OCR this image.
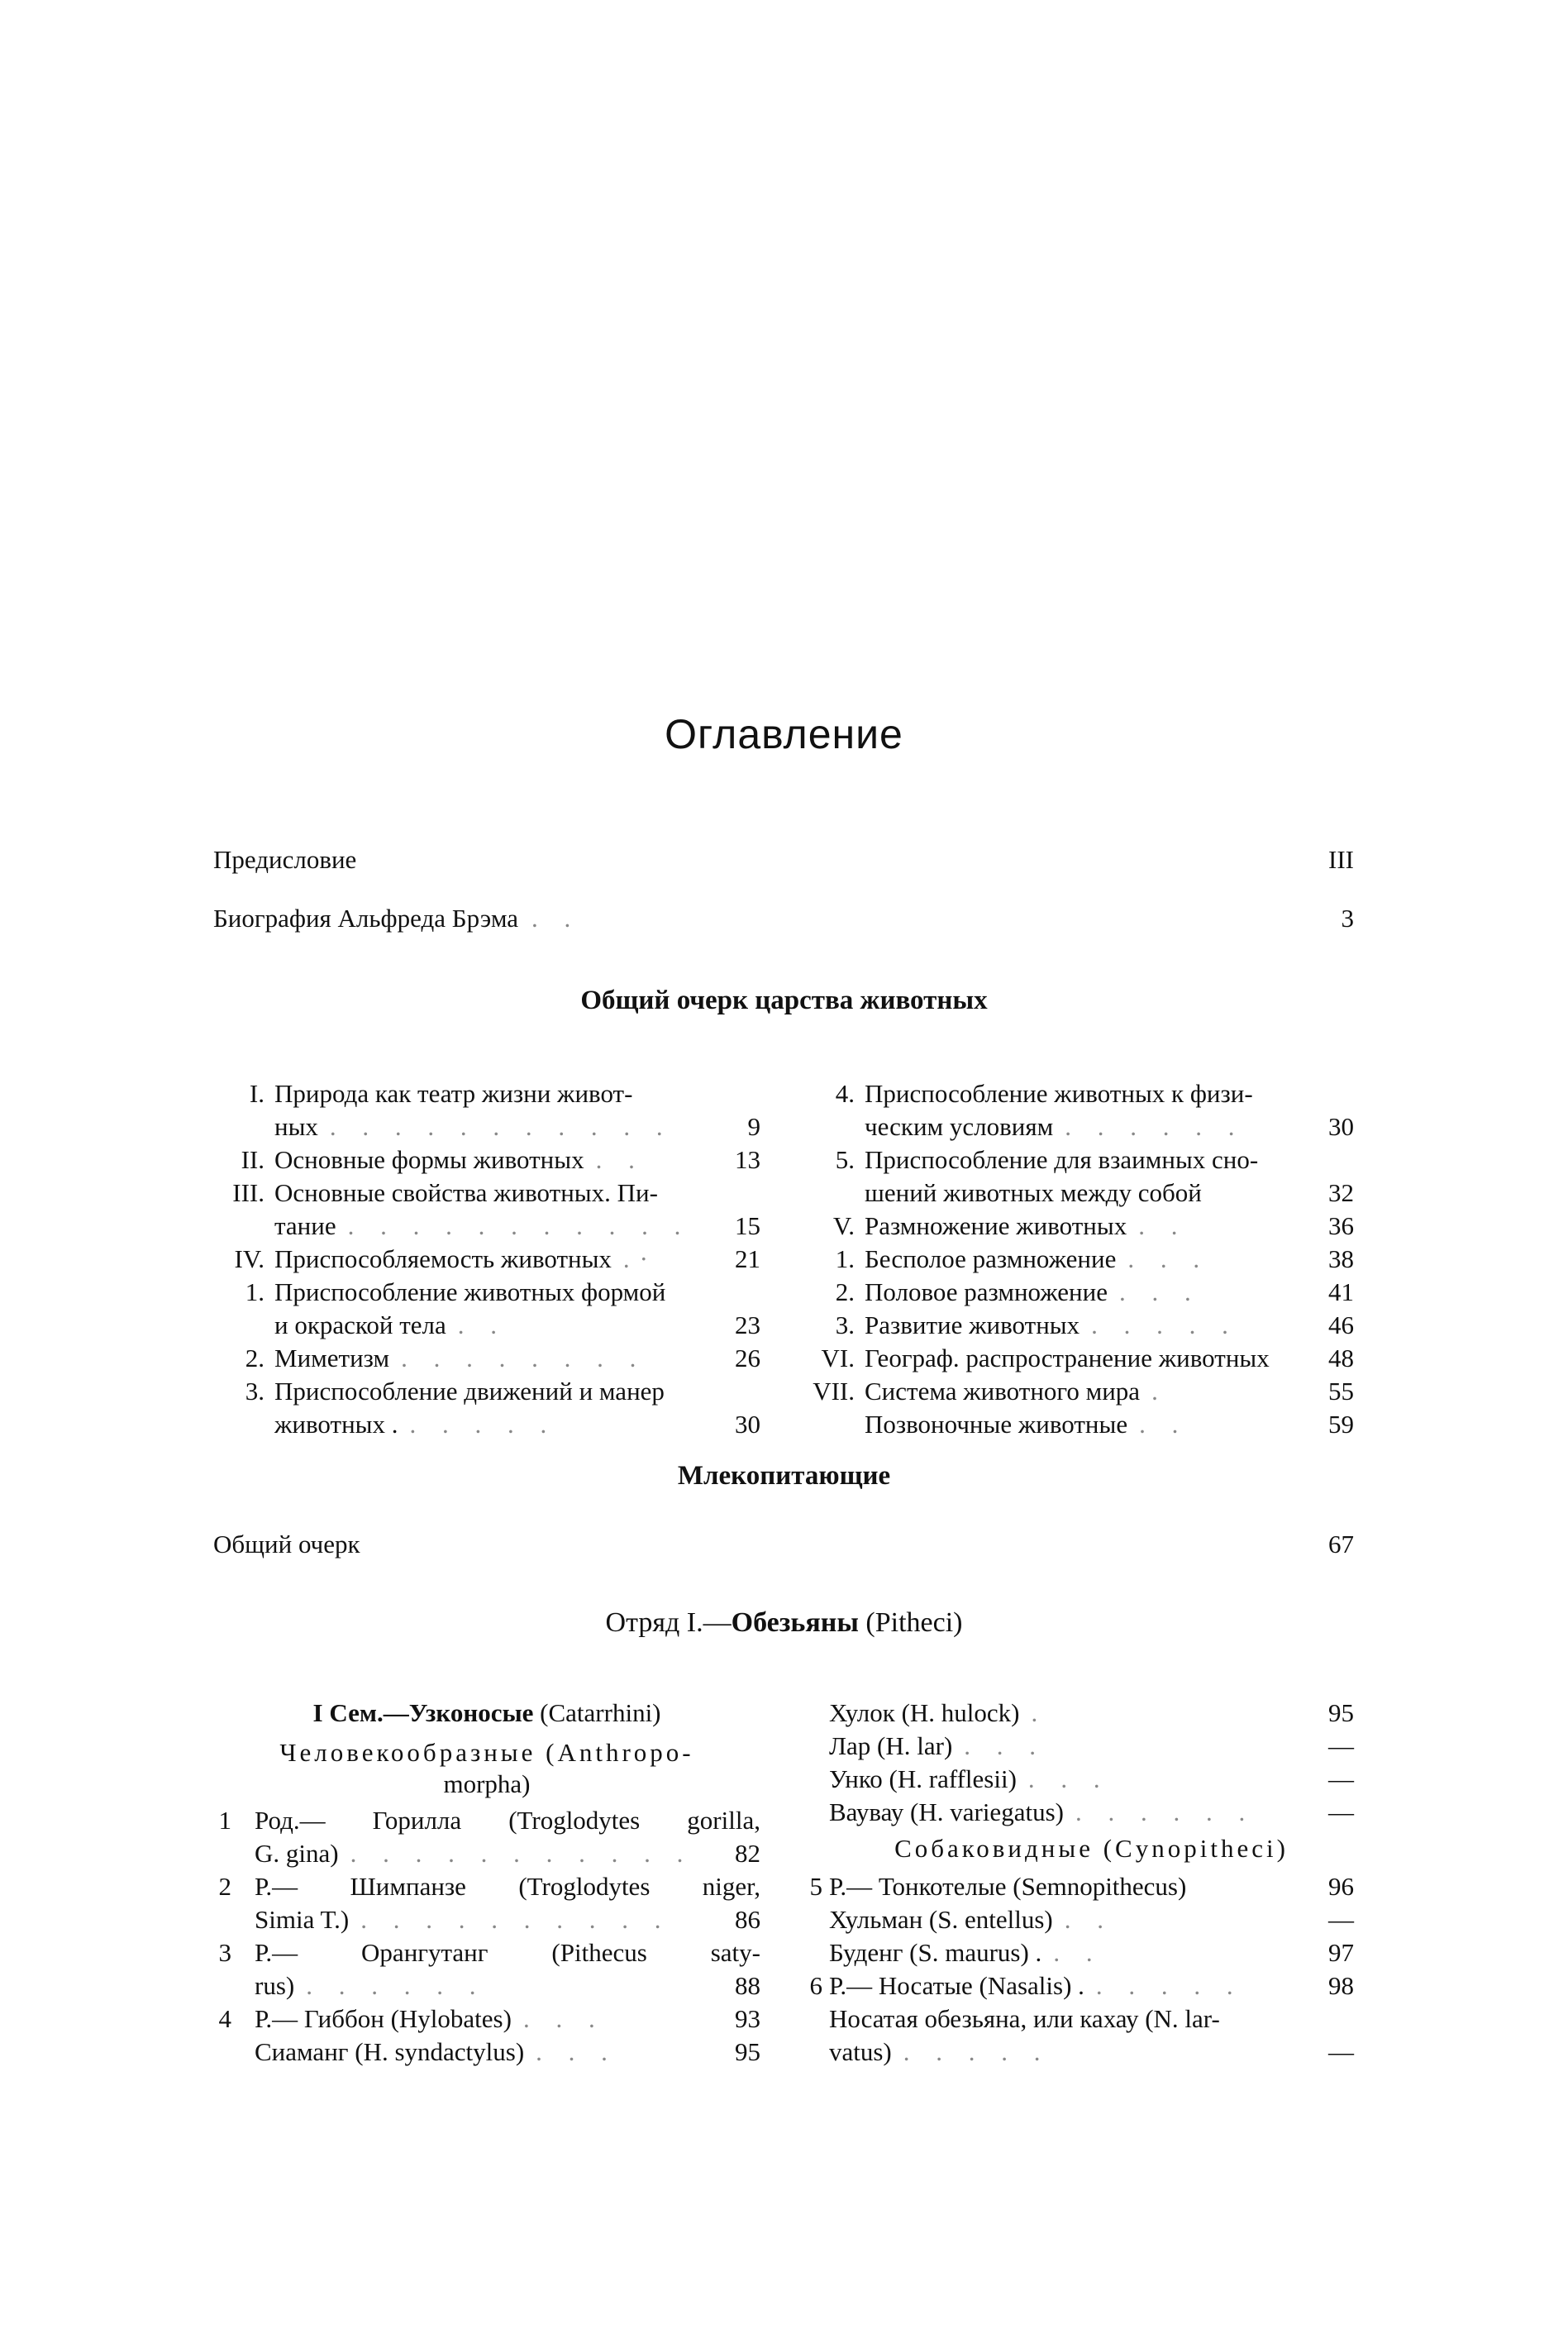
Оглавление
Предисловие	III
Биография Альфреда Брэма . .	3
Общий очерк царства животных
I. Природа как театр жизни живот-
ных . . . . . . . . . . .	9
II. Основные формы животных . .	13
III. Основные свойства животных. Пи-
тание . . . . . . . . . . . 15
IV. Приспособляемость животных .·	21
1. Приспособление животных формой
и окраской тела . .	23
2. Миметизм . . . . . . . .	26
3. Приспособление движений и манер
животных . . . . . .	30
4. Приспособление животных к физи-
ческим условиям . . . . . .	30
5. Приспособление для взаимных сно-
шений животных между собой	32
V. Размножение животных . .	36
1. Бесполое размножение . . .	38
2. Половое размножение . . .	41
3. Развитие животных . . . . .	46
VI. Географ. распространение животных 48
VII. Система животного мира .	55
Позвоночные животные . .	59
Млекопитающие
Общий очерк	67
Отряд I.—Обезьяны (Pitheci)
I Сем.—Узконосые (Catarrhini)
Человекообразные (Anthropo-
morpha)
1 Род.— Горилла (Troglodytes gorilla,
G. gina) . . . . . . . . . . . 82
2 Р.— Шимпанзе (Troglodytes niger,
Simia T.) . . . . . . . . . .	86
3 Р.— Орангутанг (Pithecus saty-
rus) . . . . . .	88
4 Р.— Гиббон (Hylobates) . . .	93
Сиаманг (H. syndactylus) . . .	95
Хулок (H. hulock) .	95
Лар (H. lar) . . .	—
Унко (H. rafflesii) . . .	—
Ваувау (H. variegatus) . . . . . .	—
Собаковидные (Cynopitheci)
5 Р.— Тонкотелые (Semnopithecus)	96
Хульман (S. entellus) . .	—
Буденг (S. maurus) . . .	97
6 Р.— Носатые (Nasalis) . . . . . .	98
Носатая обезьяна, или кахау (N. lar-
vatus) . . . . .	—
